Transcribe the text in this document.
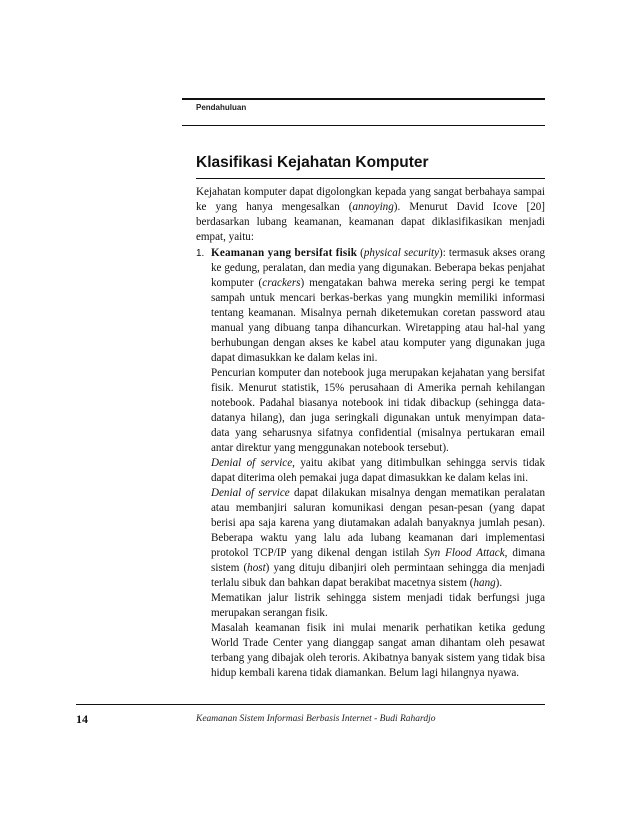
Pendahuluan
Klasifikasi Kejahatan Komputer

Kejahatan komputer dapat digolongkan kepada yang sangat berbahaya sampai ke yang hanya mengesalkan (annoying). Menurut David Icove [20] berdasarkan lubang keamanan, keamanan dapat diklasifikasikan menjadi empat, yaitu:

1. Keamanan yang bersifat fisik (physical security): termasuk akses orang ke gedung, peralatan, dan media yang digunakan. Beberapa bekas penjahat komputer (crackers) mengatakan bahwa mereka sering pergi ke tempat sampah untuk mencari berkas-berkas yang mungkin memiliki informasi tentang keamanan. Misalnya pernah diketemukan coretan password atau manual yang dibuang tanpa dihancurkan. Wiretapping atau hal-hal yang berhubungan dengan akses ke kabel atau komputer yang digunakan juga dapat dimasukkan ke dalam kelas ini.

Pencurian komputer dan notebook juga merupakan kejahatan yang bersifat fisik. Menurut statistik, 15% perusahaan di Amerika pernah kehilangan notebook. Padahal biasanya notebook ini tidak dibackup (sehingga data-datanya hilang), dan juga seringkali digunakan untuk menyimpan data-data yang seharusnya sifatnya confidential (misalnya pertukaran email antar direktur yang menggunakan notebook tersebut).

Denial of service, yaitu akibat yang ditimbulkan sehingga servis tidak dapat diterima oleh pemakai juga dapat dimasukkan ke dalam kelas ini.

Denial of service dapat dilakukan misalnya dengan mematikan peralatan atau membanjiri saluran komunikasi dengan pesan-pesan (yang dapat berisi apa saja karena yang diutamakan adalah banyaknya jumlah pesan). Beberapa waktu yang lalu ada lubang keamanan dari implementasi protokol TCP/IP yang dikenal dengan istilah Syn Flood Attack, dimana sistem (host) yang dituju dibanjiri oleh permintaan sehingga dia menjadi terlalu sibuk dan bahkan dapat berakibat macetnya sistem (hang).

Mematikan jalur listrik sehingga sistem menjadi tidak berfungsi juga merupakan serangan fisik.

Masalah keamanan fisik ini mulai menarik perhatikan ketika gedung World Trade Center yang dianggap sangat aman dihantam oleh pesawat terbang yang dibajak oleh teroris. Akibatnya banyak sistem yang tidak bisa hidup kembali karena tidak diamankan. Belum lagi hilangnya nyawa.

14	Keamanan Sistem Informasi Berbasis Internet - Budi Rahardjo
